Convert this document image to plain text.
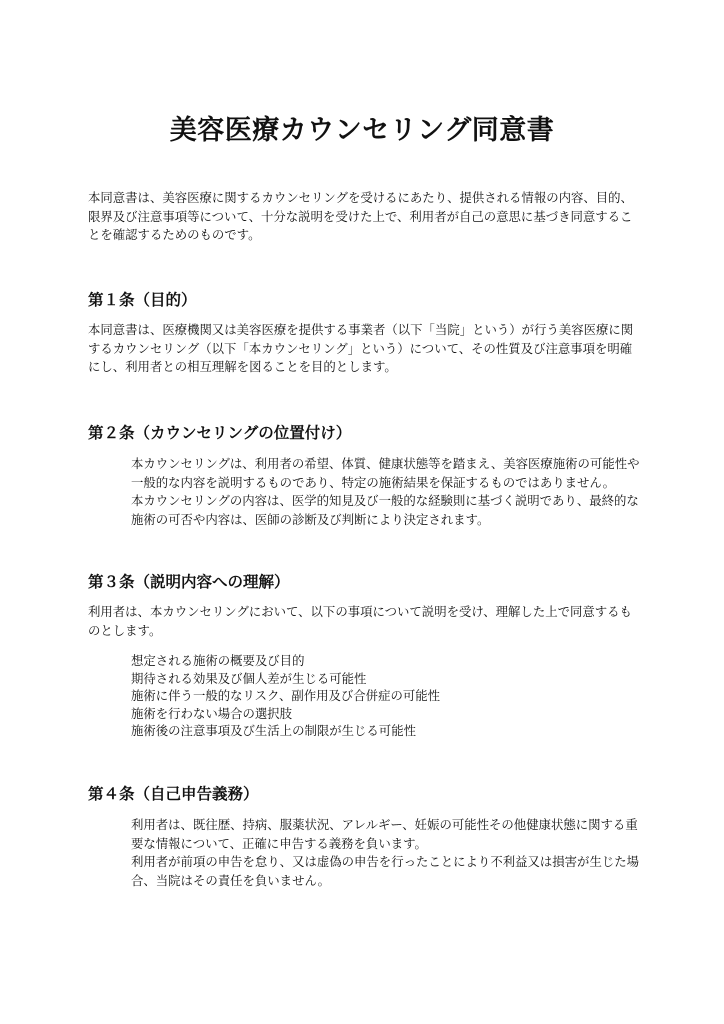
美容医療カウンセリング同意書

本同意書は、美容医療に関するカウンセリングを受けるにあたり、提供される情報の内容、目的、
限界及び注意事項等について、十分な説明を受けた上で、利用者が自己の意思に基づき同意するこ
とを確認するためのものです。

第１条（目的）

本同意書は、医療機関又は美容医療を提供する事業者（以下「当院」という）が行う美容医療に関
するカウンセリング（以下「本カウンセリング」という）について、その性質及び注意事項を明確
にし、利用者との相互理解を図ることを目的とします。

第２条（カウンセリングの位置付け）

本カウンセリングは、利用者の希望、体質、健康状態等を踏まえ、美容医療施術の可能性や
一般的な内容を説明するものであり、特定の施術結果を保証するものではありません。
本カウンセリングの内容は、医学的知見及び一般的な経験則に基づく説明であり、最終的な
施術の可否や内容は、医師の診断及び判断により決定されます。

第３条（説明内容への理解）

利用者は、本カウンセリングにおいて、以下の事項について説明を受け、理解した上で同意するも
のとします。

想定される施術の概要及び目的
期待される効果及び個人差が生じる可能性
施術に伴う一般的なリスク、副作用及び合併症の可能性
施術を行わない場合の選択肢
施術後の注意事項及び生活上の制限が生じる可能性
第４条（自己申告義務）

利用者は、既往歴、持病、服薬状況、アレルギー、妊娠の可能性その他健康状態に関する重
要な情報について、正確に申告する義務を負います。
利用者が前項の申告を怠り、又は虚偽の申告を行ったことにより不利益又は損害が生じた場
合、当院はその責任を負いません。
